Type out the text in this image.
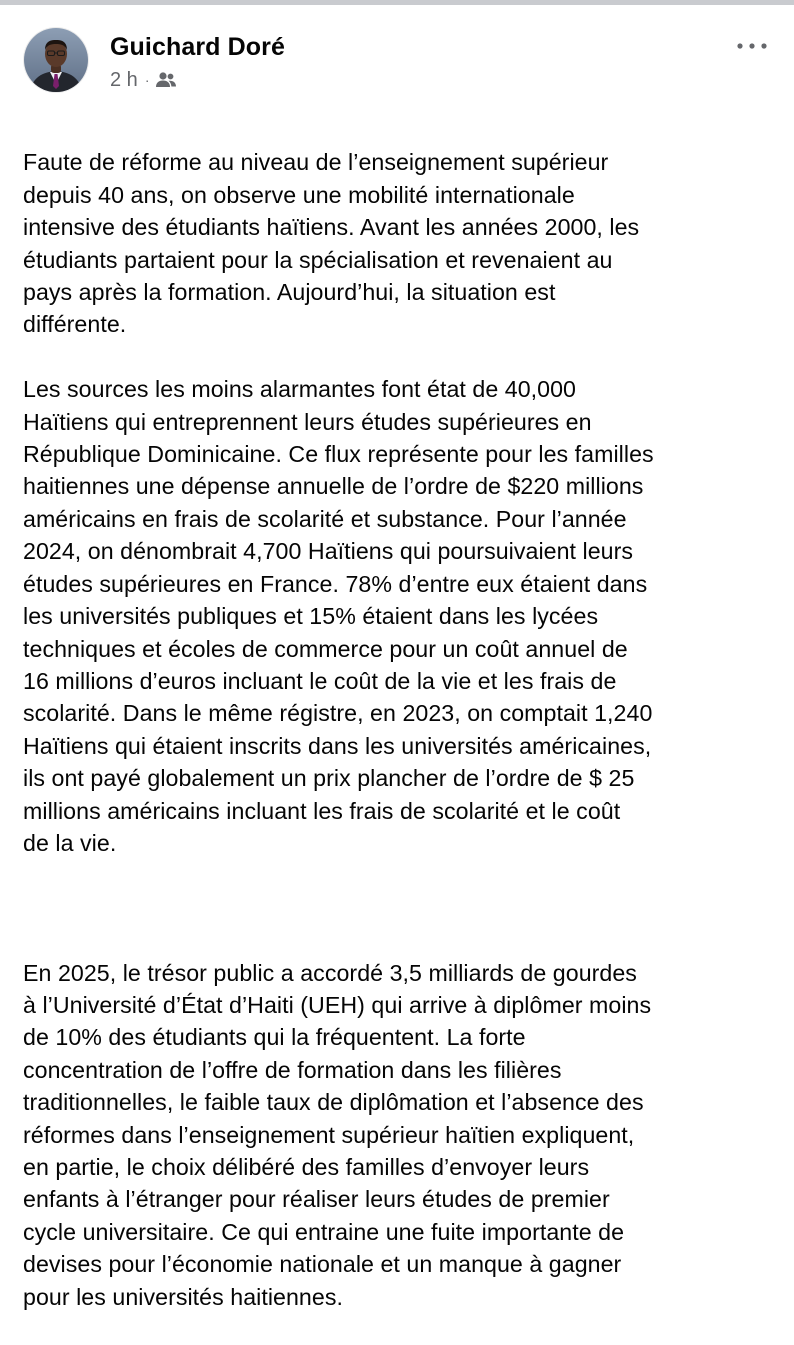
Guichard Doré
2 h ·

Faute de réforme au niveau de l’enseignement supérieur
depuis 40 ans, on observe une mobilité internationale
intensive des étudiants haïtiens. Avant les années 2000, les
étudiants partaient pour la spécialisation et revenaient au
pays après la formation. Aujourd’hui, la situation est
différente.

Les sources les moins alarmantes font état de 40,000
Haïtiens qui entreprennent leurs études supérieures en
République Dominicaine. Ce flux représente pour les familles
haitiennes une dépense annuelle de l’ordre de $220 millions
américains en frais de scolarité et substance. Pour l’année
2024, on dénombrait 4,700 Haïtiens qui poursuivaient leurs
études supérieures en France. 78% d’entre eux étaient dans
les universités publiques et 15% étaient dans les lycées
techniques et écoles de commerce pour un coût annuel de
16 millions d’euros incluant le coût de la vie et les frais de
scolarité. Dans le même régistre, en 2023, on comptait 1,240
Haïtiens qui étaient inscrits dans les universités américaines,
ils ont payé globalement un prix plancher de l’ordre de $ 25
millions américains incluant les frais de scolarité et le coût
de la vie.

En 2025, le trésor public a accordé 3,5 milliards de gourdes
à l’Université d’État d’Haiti (UEH) qui arrive à diplômer moins
de 10% des étudiants qui la fréquentent. La forte
concentration de l’offre de formation dans les filières
traditionnelles, le faible taux de diplômation et l’absence des
réformes dans l’enseignement supérieur haïtien expliquent,
en partie, le choix délibéré des familles d’envoyer leurs
enfants à l’étranger pour réaliser leurs études de premier
cycle universitaire. Ce qui entraine une fuite importante de
devises pour l’économie nationale et un manque à gagner
pour les universités haitiennes.
